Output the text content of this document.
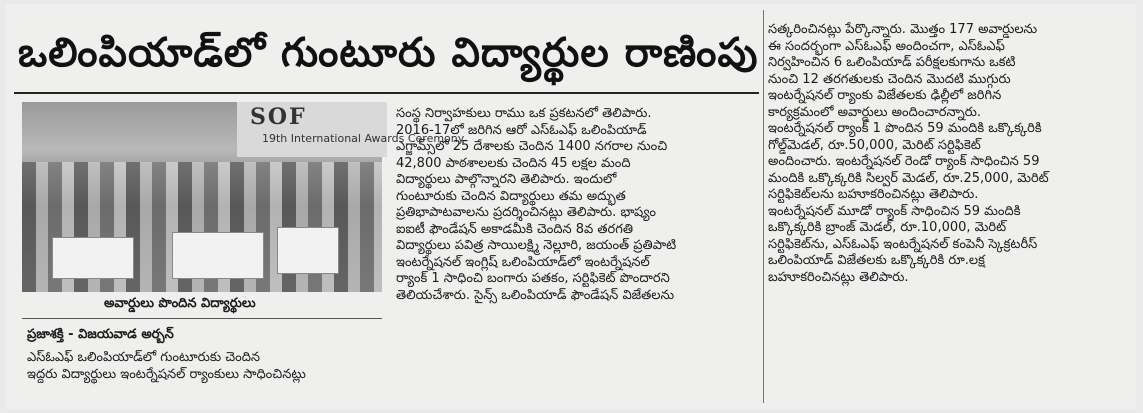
ఒలింపియాడ్‌లో గుంటూరు విద్యార్థుల రాణింపు
SOF
19th International Awards Ceremony
అవార్డులు పొందిన విద్యార్థులు
ప్రజాశక్తి - విజయవాడ అర్బన్

ఎస్‌ఓఎఫ్ ఒలింపియాడ్‌లో గుంటూరుకు చెందిన

ఇద్దరు విద్యార్థులు ఇంటర్నేషనల్ ర్యాంకులు సాధించినట్లు

సంస్థ నిర్వాహకులు రాము ఒక ప్రకటనలో తెలిపారు.

2016-17లో జరిగిన ఆరో ఎస్‌ఓఎఫ్ ఒలింపియాడ్

ఎగ్జామ్స్‌లో 25 దేశాలకు చెందిన 1400 నగరాల నుంచి

42,800 పాఠశాలలకు చెందిన 45 లక్షల మంది

విద్యార్థులు పాల్గొన్నారని తెలిపారు. ఇందులో

గుంటూరుకు చెందిన విద్యార్థులు తమ అద్భుత

ప్రతిభాపాటవాలను ప్రదర్శించినట్లు తెలిపారు. భాష్యం

ఐఐటీ ఫౌండేషన్ అకాడమీకి చెందిన 8వ తరగతి

విద్యార్థులు పవిత్ర సాయిలక్ష్మి నెల్లూరి, జయంత్ ప్రతిపాటి

ఇంటర్నేషనల్ ఇంగ్లిష్ ఒలింపియాడ్‌లో ఇంటర్నేషనల్

ర్యాంక్ 1 సాధించి బంగారు పతకం, సర్టిఫికెట్ పొందారని

తెలియచేశారు. సైన్స్ ఒలింపియాడ్ ఫౌండేషన్ విజేతలను

సత్కరించినట్లు పేర్కొన్నారు. మొత్తం 177 అవార్డులను

ఈ సందర్భంగా ఎస్‌ఓఎఫ్ అందించగా, ఎస్‌ఓఎఫ్

నిర్వహించిన 6 ఒలింపియాడ్ పరీక్షలకుగాను ఒకటి

నుంచి 12 తరగతులకు చెందిన మొదటి ముగ్గురు

ఇంటర్నేషనల్ ర్యాంకు విజేతలకు ఢిల్లీలో జరిగిన

కార్యక్రమంలో అవార్డులు అందించారన్నారు.

ఇంటర్నేషనల్ ర్యాంక్ 1 పొందిన 59 మందికి ఒక్కొక్కరికి

గోల్డ్‌మెడల్, రూ.50,000, మెరిట్ సర్టిఫికెట్

అందించారు. ఇంటర్నేషనల్ రెండో ర్యాంక్ సాధించిన 59

మందికి ఒక్కొక్కరికి సిల్వర్ మెడల్, రూ.25,000, మెరిట్

సర్టిఫికెట్‌లను బహూకరించినట్లు తెలిపారు.

ఇంటర్నేషనల్ మూడో ర్యాంక్ సాధించిన 59 మందికి

ఒక్కొక్కరికి బ్రాంజ్ మెడల్, రూ.10,000, మెరిట్

సర్టిఫికెట్‌ను, ఎస్‌ఓఎఫ్ ఇంటర్నేషనల్ కంపెనీ స్కెక్రటరీస్

ఒలింపియాడ్ విజేతలకు ఒక్కొక్కరికి రూ.లక్ష

బహూకరించినట్లు తెలిపారు.
